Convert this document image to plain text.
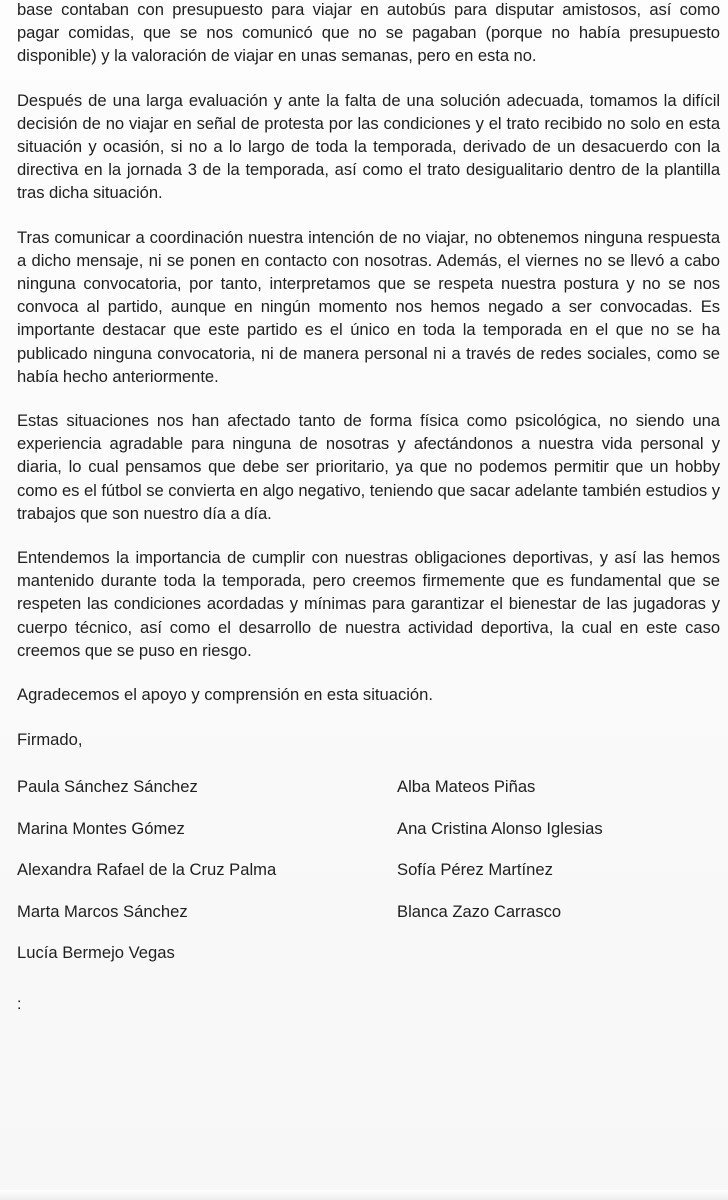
base contaban con presupuesto para viajar en autobús para disputar amistosos, así como pagar comidas, que se nos comunicó que no se pagaban (porque no había presupuesto disponible) y la valoración de viajar en unas semanas, pero en esta no.

Después de una larga evaluación y ante la falta de una solución adecuada, tomamos la difícil decisión de no viajar en señal de protesta por las condiciones y el trato recibido no solo en esta situación y ocasión, si no a lo largo de toda la temporada, derivado de un desacuerdo con la directiva en la jornada 3 de la temporada, así como el trato desigualitario dentro de la plantilla tras dicha situación.

Tras comunicar a coordinación nuestra intención de no viajar, no obtenemos ninguna respuesta a dicho mensaje, ni se ponen en contacto con nosotras. Además, el viernes no se llevó a cabo ninguna convocatoria, por tanto, interpretamos que se respeta nuestra postura y no se nos convoca al partido, aunque en ningún momento nos hemos negado a ser convocadas. Es importante destacar que este partido es el único en toda la temporada en el que no se ha publicado ninguna convocatoria, ni de manera personal ni a través de redes sociales, como se había hecho anteriormente.

Estas situaciones nos han afectado tanto de forma física como psicológica, no siendo una experiencia agradable para ninguna de nosotras y afectándonos a nuestra vida personal y diaria, lo cual pensamos que debe ser prioritario, ya que no podemos permitir que un hobby como es el fútbol se convierta en algo negativo, teniendo que sacar adelante también estudios y trabajos que son nuestro día a día.

Entendemos la importancia de cumplir con nuestras obligaciones deportivas, y así las hemos mantenido durante toda la temporada, pero creemos firmemente que es fundamental que se respeten las condiciones acordadas y mínimas para garantizar el bienestar de las jugadoras y cuerpo técnico, así como el desarrollo de nuestra actividad deportiva, la cual en este caso creemos que se puso en riesgo.

Agradecemos el apoyo y comprensión en esta situación.

Firmado,

Paula Sánchez Sánchez	Alba Mateos Piñas
Marina Montes Gómez	Ana Cristina Alonso Iglesias
Alexandra Rafael de la Cruz Palma	Sofía Pérez Martínez
Marta Marcos Sánchez	Blanca Zazo Carrasco
Lucía Bermejo Vegas
:
